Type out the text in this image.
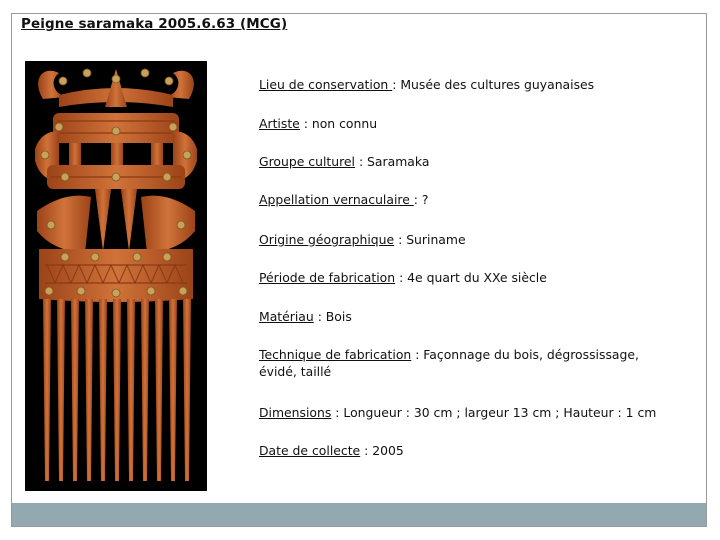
Peigne saramaka 2005.6.63 (MCG)
Lieu de conservation : Musée des cultures guyanaises
Artiste : non connu
Groupe culturel : Saramaka
Appellation vernaculaire : ?
Origine géographique : Suriname
Période de fabrication : 4e quart du XXe siècle
Matériau : Bois
Technique de fabrication : Façonnage du bois, dégrossissage, évidé, taillé
Dimensions : Longueur : 30 cm ; largeur 13 cm ; Hauteur : 1 cm
Date de collecte : 2005
